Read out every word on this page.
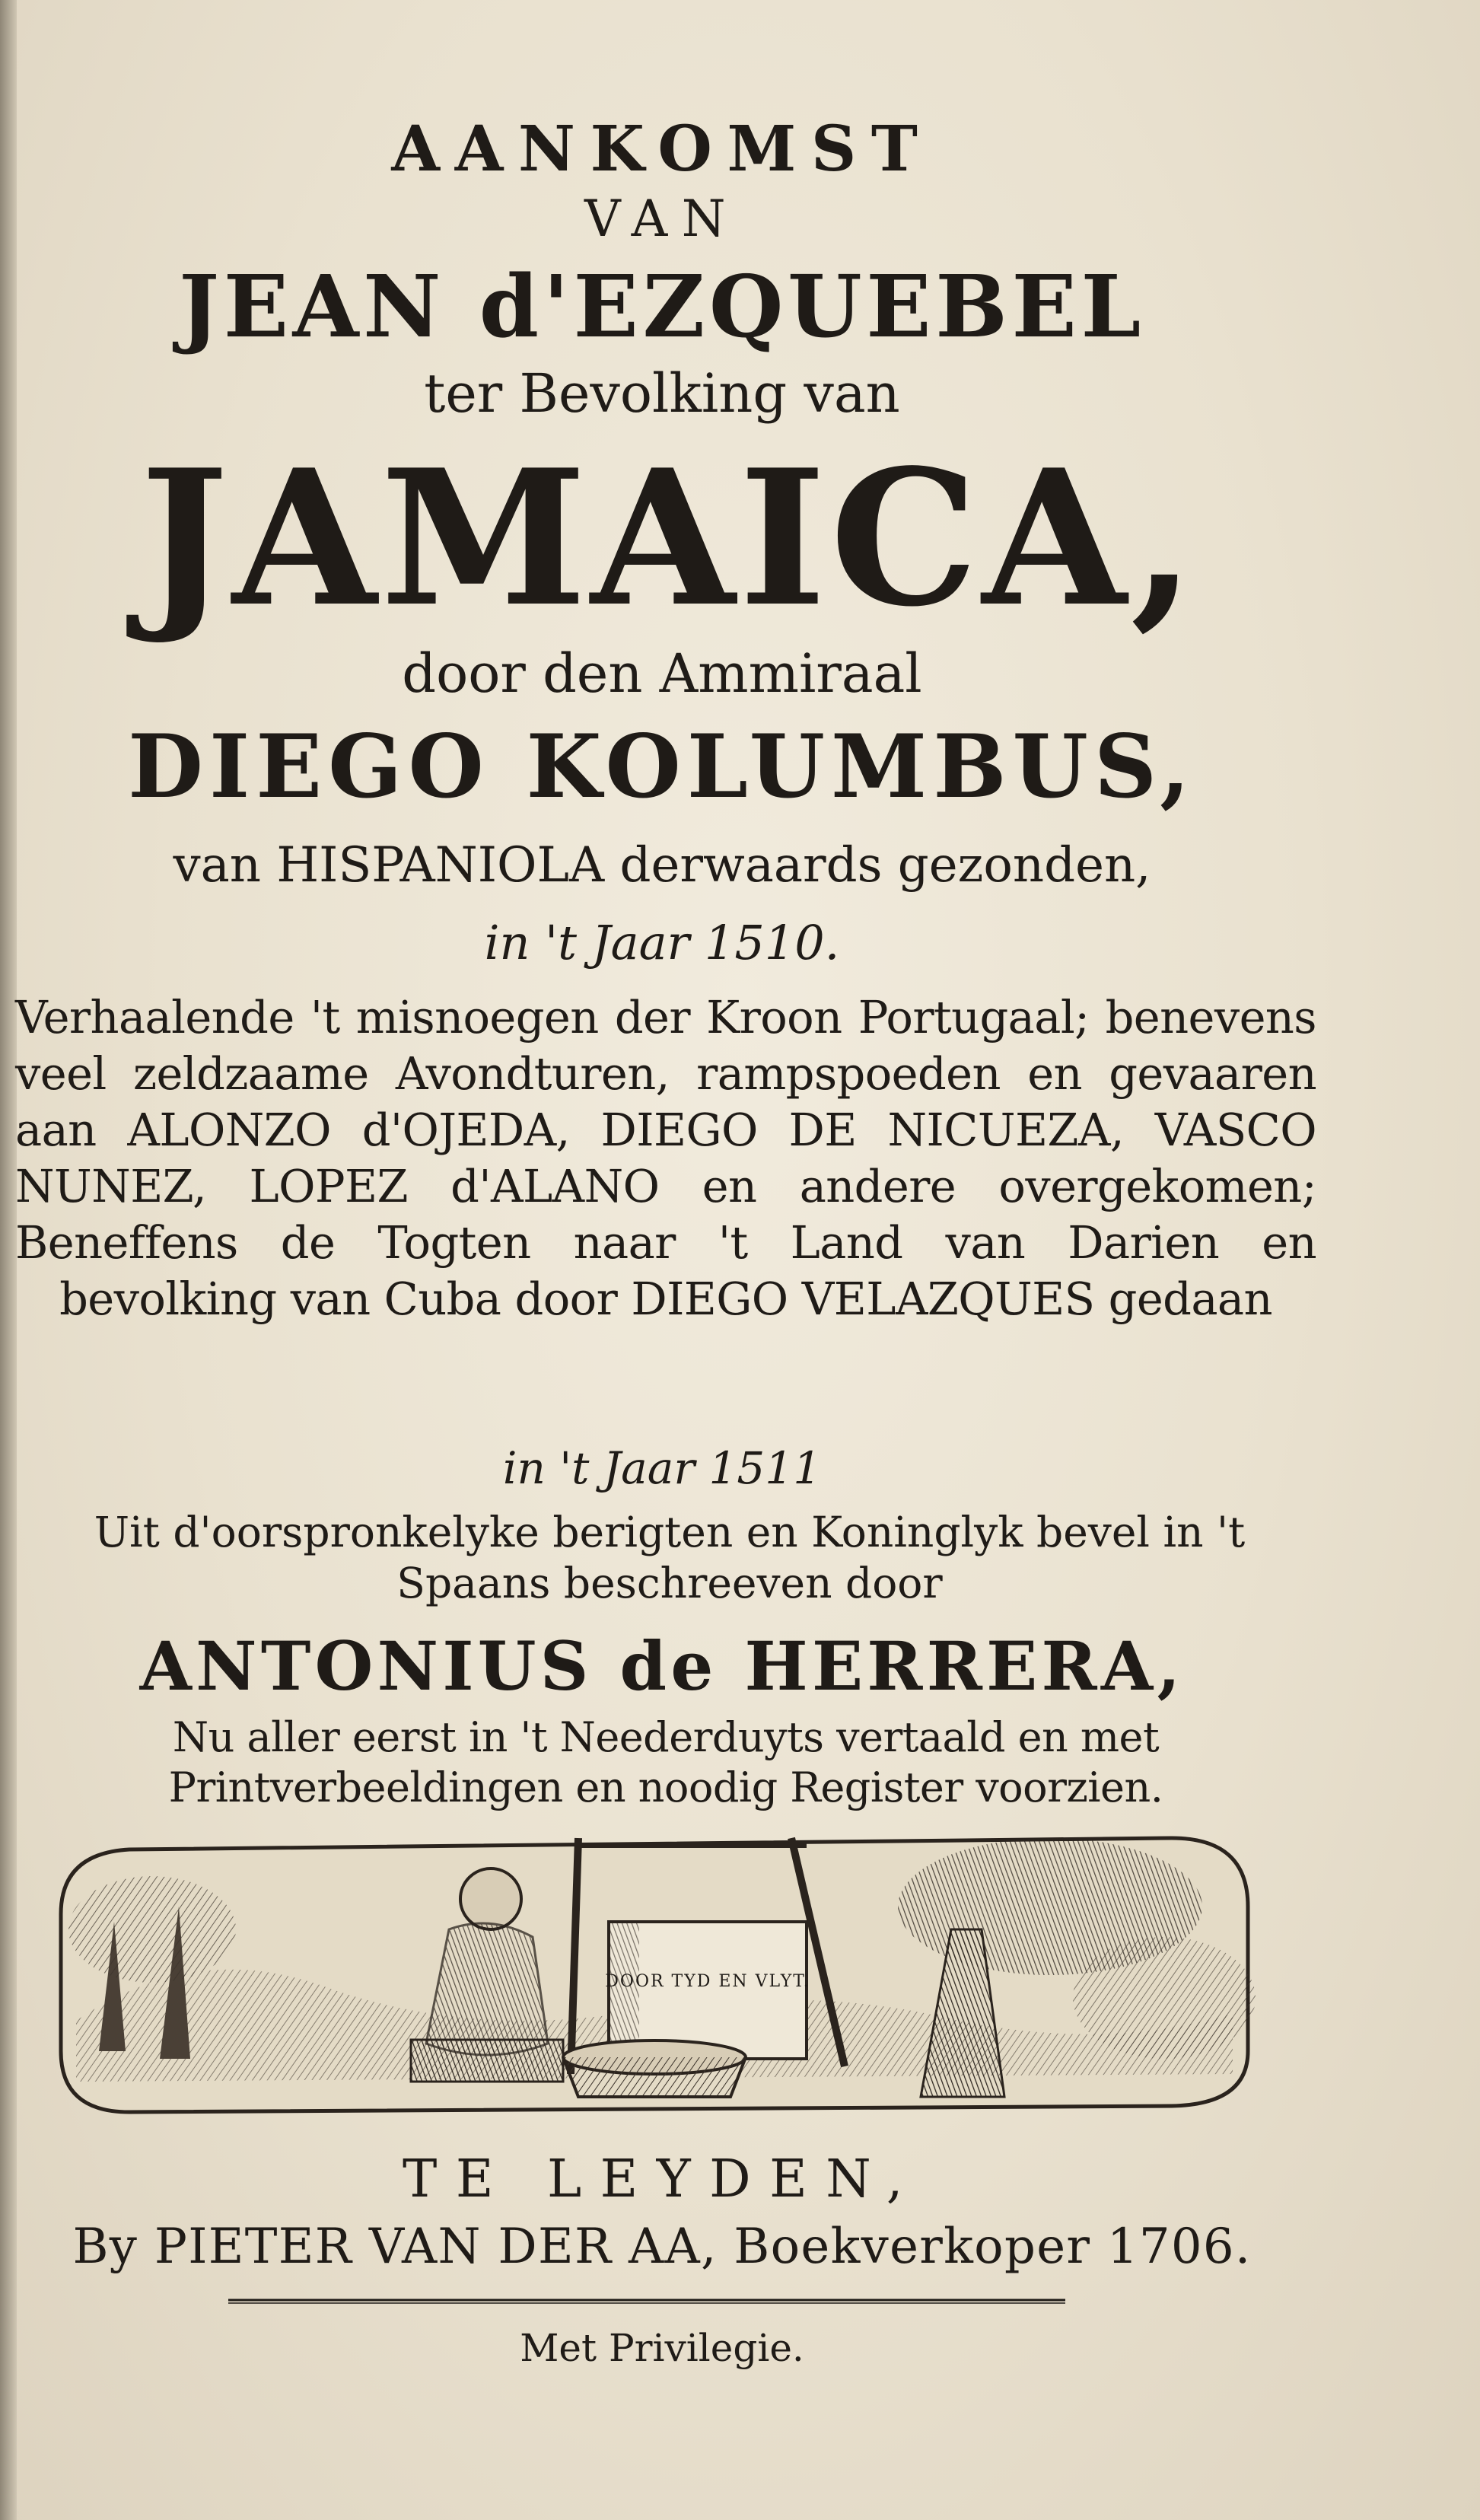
AANKOMST
VAN
JEAN d'EZQUEBEL
ter Bevolking van
JAMAICA,
door den Ammiraal
DIEGO KOLUMBUS,
van HISPANIOLA derwaards gezonden,
in 't Jaar 1510.
Verhaalende 't misnoegen der Kroon Portugaal; benevens veel zeldzaame Avondturen, rampspoeden en gevaaren aan ALONZO d'OJEDA, DIEGO DE NICUEZA, VASCO NUNEZ, LOPEZ d'ALANO en andere overgekomen; Beneffens de Togten naar 't Land van Darien en bevolking van Cuba door DIEGO VELAZQUES gedaan
in 't Jaar 1511
Uit d'oorspronkelyke berigten en Koninglyk bevel in 't Spaans beschreeven door
ANTONIUS de HERRERA,
Nu aller eerst in 't Neederduyts vertaald en met Printverbeeldingen en noodig Register voorzien.
DOOR TYD EN VLYT.
TE LEYDEN,
By PIETER VAN DER AA, Boekverkoper 1706.
Met Privilegie.
